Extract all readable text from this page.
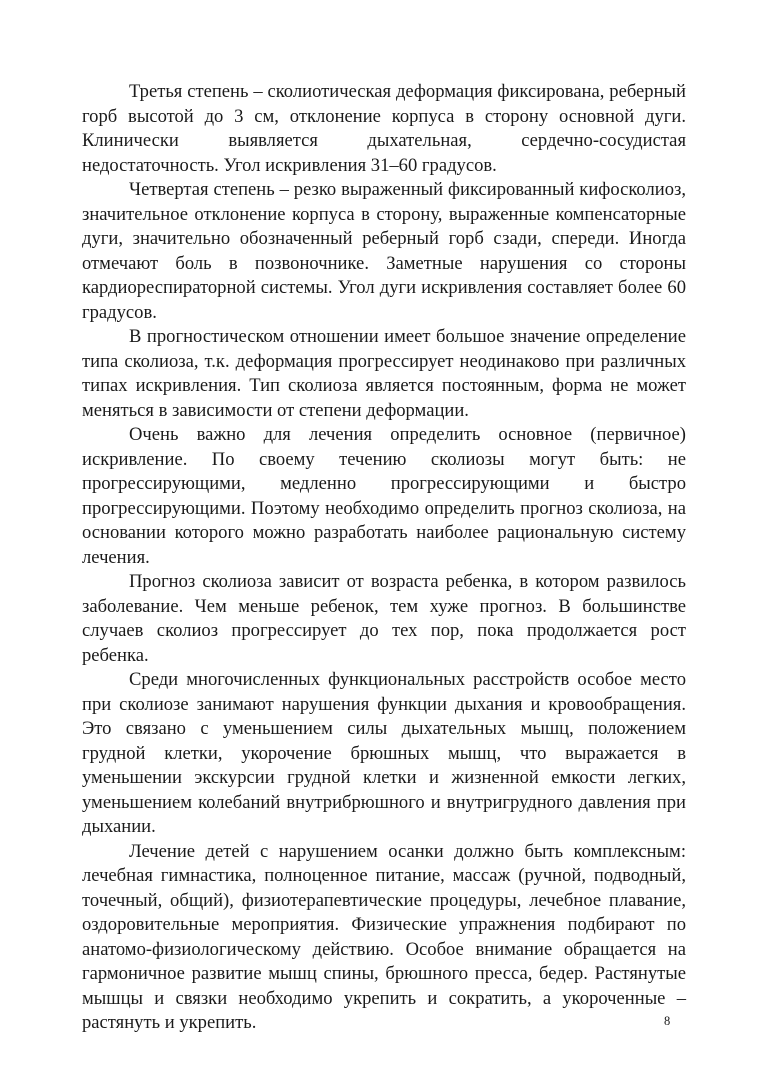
Третья степень – сколиотическая деформация фиксирована, реберный горб высотой до 3 см, отклонение корпуса в сторону основной дуги. Клинически выявляется дыхательная, сердечно-сосудистая недостаточность. Угол искривления 31–60 градусов.

Четвертая степень – резко выраженный фиксированный кифосколиоз, значительное отклонение корпуса в сторону, выраженные компенсаторные дуги, значительно обозначенный реберный горб сзади, спереди. Иногда отмечают боль в позвоночнике. Заметные нарушения со стороны кардиореспираторной системы. Угол дуги искривления составляет более 60 градусов.

В прогностическом отношении имеет большое значение определение типа сколиоза, т.к. деформация прогрессирует неодинаково при различных типах искривления. Тип сколиоза является постоянным, форма не может меняться в зависимости от степени деформации.

Очень важно для лечения определить основное (первичное) искривление. По своему течению сколиозы могут быть: не прогрессирующими, медленно прогрессирующими и быстро прогрессирующими. Поэтому необходимо определить прогноз сколиоза, на основании которого можно разработать наиболее рациональную систему лечения.

Прогноз сколиоза зависит от возраста ребенка, в котором развилось заболевание. Чем меньше ребенок, тем хуже прогноз. В большинстве случаев сколиоз прогрессирует до тех пор, пока продолжается рост ребенка.

Среди многочисленных функциональных расстройств особое место при сколиозе занимают нарушения функции дыхания и кровообращения. Это связано с уменьшением силы дыхательных мышц, положением грудной клетки, укорочение брюшных мышц, что выражается в уменьшении экскурсии грудной клетки и жизненной емкости легких, уменьшением колебаний внутрибрюшного и внутригрудного давления при дыхании.

Лечение детей с нарушением осанки должно быть комплексным: лечебная гимнастика, полноценное питание, массаж (ручной, подводный, точечный, общий), физиотерапевтические процедуры, лечебное плавание, оздоровительные мероприятия. Физические упражнения подбирают по анатомо-физиологическому действию. Особое внимание обращается на гармоничное развитие мышц спины, брюшного пресса, бедер. Растянутые мышцы и связки необходимо укрепить и сократить, а укороченные – растянуть и укрепить.	8
